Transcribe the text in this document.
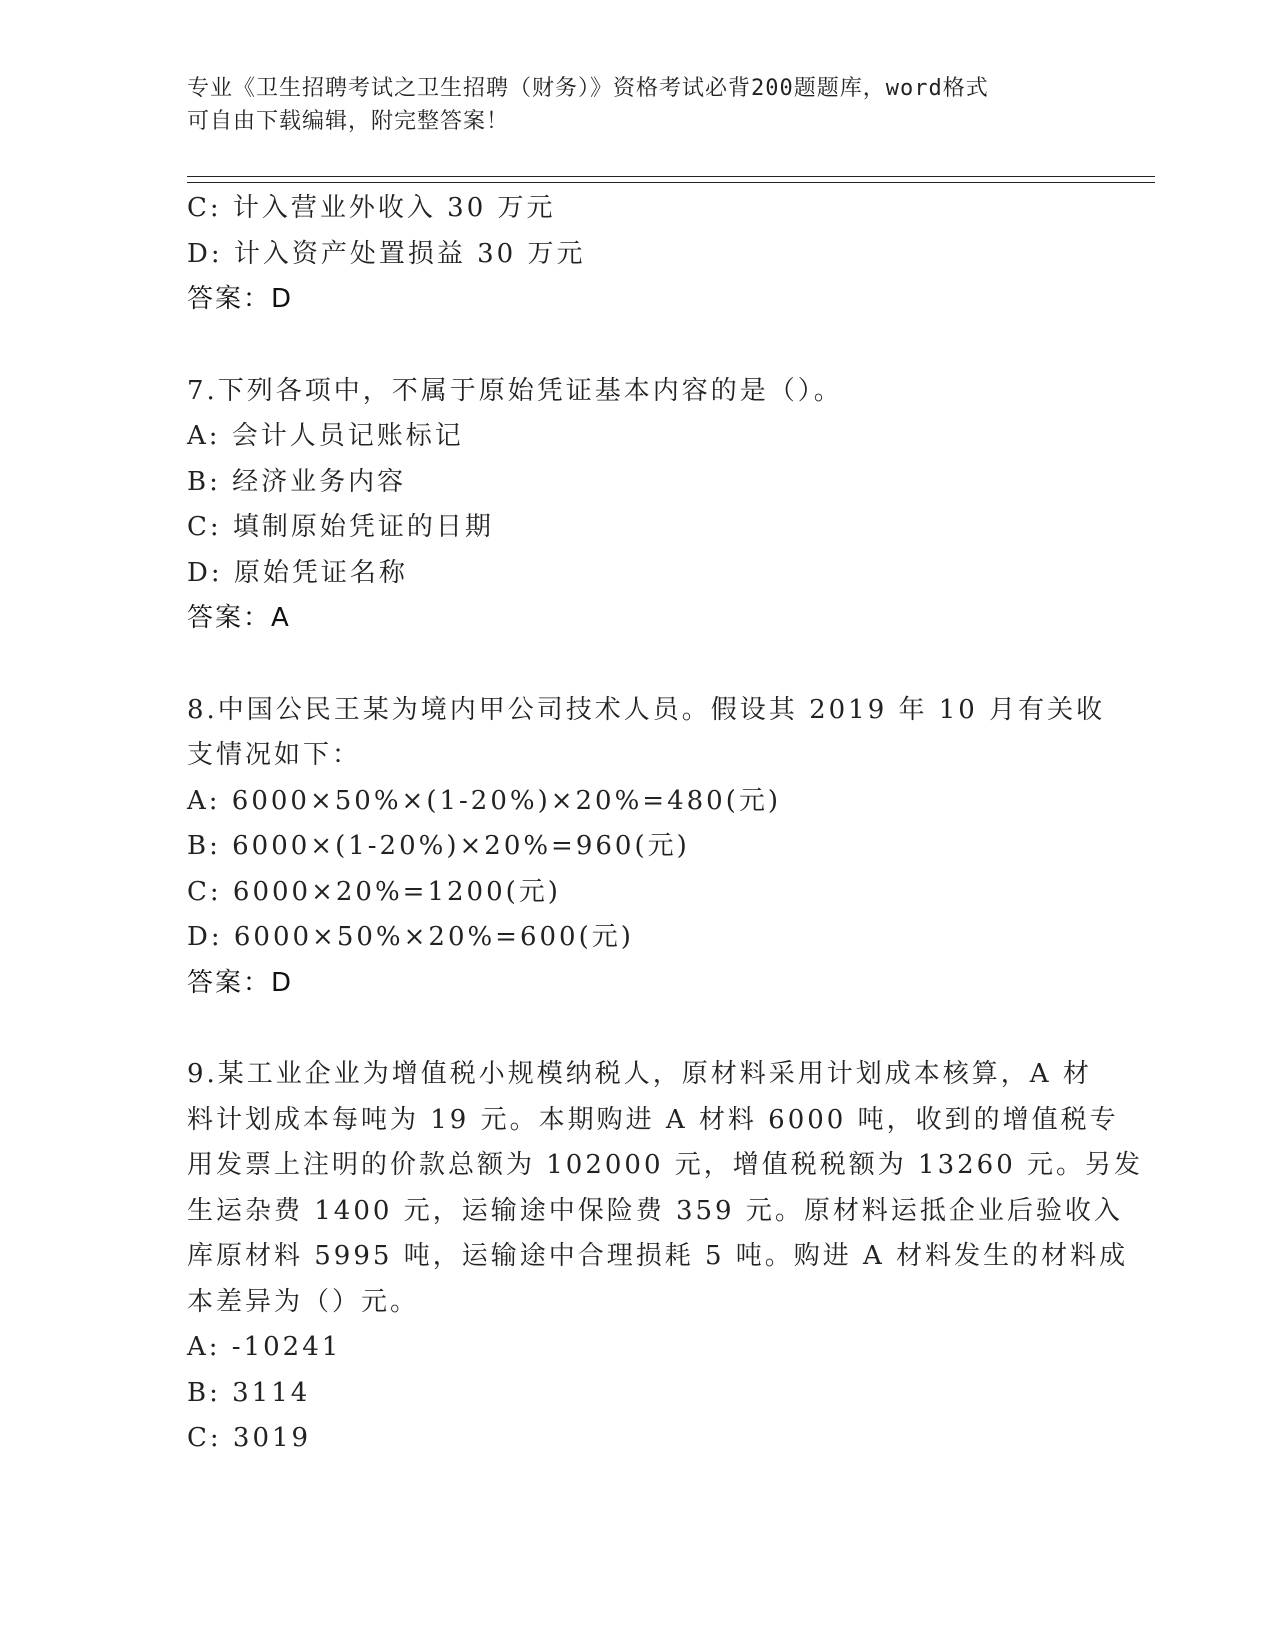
专业《卫生招聘考试之卫生招聘（财务）》资格考试必背200题题库，word格式
可自由下载编辑，附完整答案！
C: 计入营业外收入 30 万元
D: 计入资产处置损益 30 万元
答案：D
7.下列各项中，不属于原始凭证基本内容的是（）。
A: 会计人员记账标记
B: 经济业务内容
C: 填制原始凭证的日期
D: 原始凭证名称
答案：A
8.中国公民王某为境内甲公司技术人员。假设其 2019 年 10 月有关收
支情况如下：
A: 6000×50%×(1-20%)×20%=480(元)
B: 6000×(1-20%)×20%=960(元)
C: 6000×20%=1200(元)
D: 6000×50%×20%=600(元)
答案：D
9.某工业企业为增值税小规模纳税人，原材料采用计划成本核算，A 材
料计划成本每吨为 19 元。本期购进 A 材料 6000 吨，收到的增值税专
用发票上注明的价款总额为 102000 元，增值税税额为 13260 元。另发
生运杂费 1400 元，运输途中保险费 359 元。原材料运抵企业后验收入
库原材料 5995 吨，运输途中合理损耗 5 吨。购进 A 材料发生的材料成
本差异为（）元。
A: -10241
B: 3114
C: 3019
